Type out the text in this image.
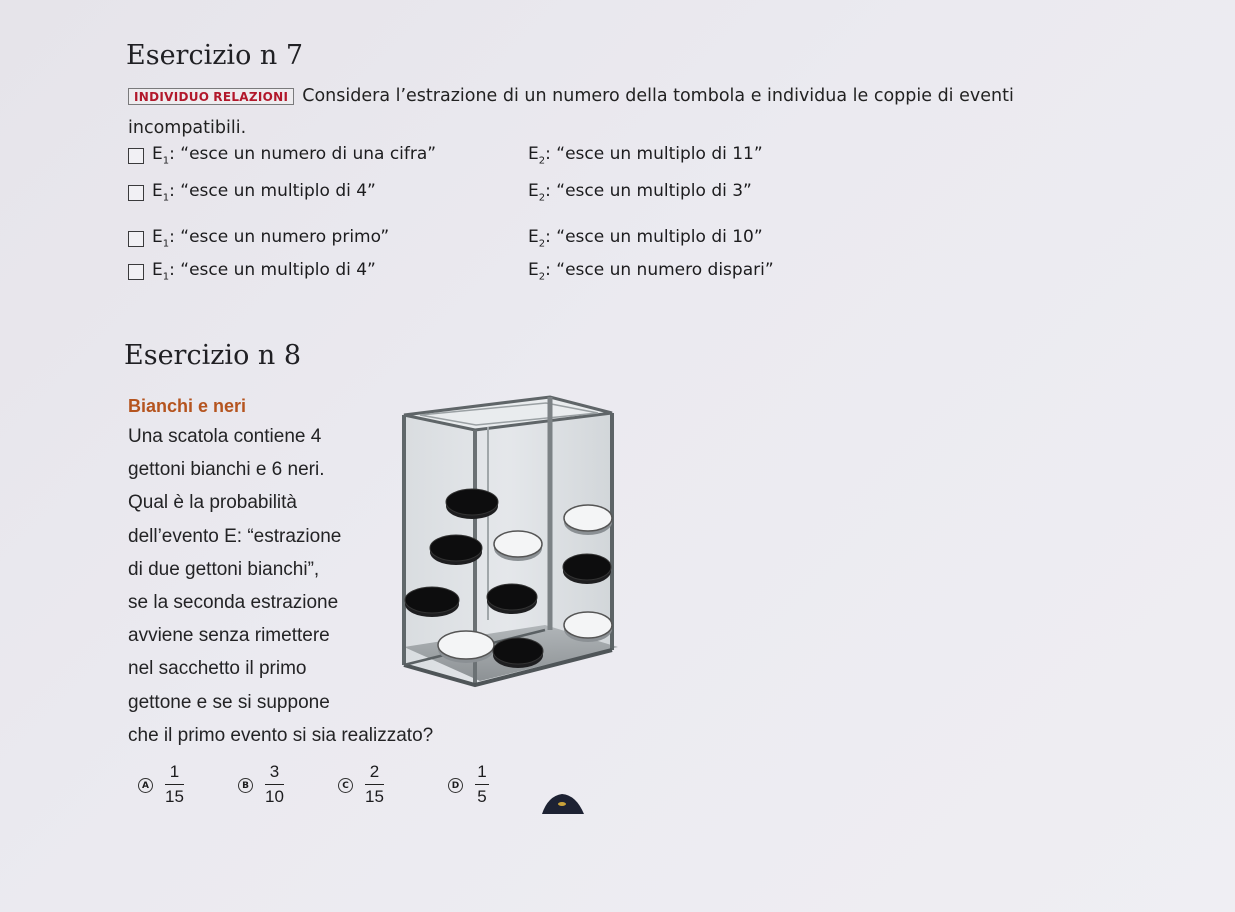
Esercizio n 7
INDIVIDUO RELAZIONI Considera l’estrazione di un numero della tombola e individua le coppie di eventi
incompatibili.
$E_1$: “esce un numero di una cifra”	$E_2$: “esce un multiplo di 11”
$E_1$: “esce un multiplo di 4”	$E_2$: “esce un multiplo di 3”
$E_1$: “esce un numero primo”	$E_2$: “esce un multiplo di 10”
$E_1$: “esce un multiplo di 4”	$E_2$: “esce un numero dispari”
Esercizio n 8
Bianchi e neri
Una scatola contiene 4
gettoni bianchi e 6 neri.
Qual è la probabilità
dell’evento E: “estrazione
di due gettoni bianchi”,
se la seconda estrazione
avviene senza rimettere
nel sacchetto il primo
gettone e se si suppone
che il primo evento si sia realizzato?
A $\frac{1}{15}$	B $\frac{3}{10}$	C $\frac{2}{15}$	D $\frac{1}{5}$
